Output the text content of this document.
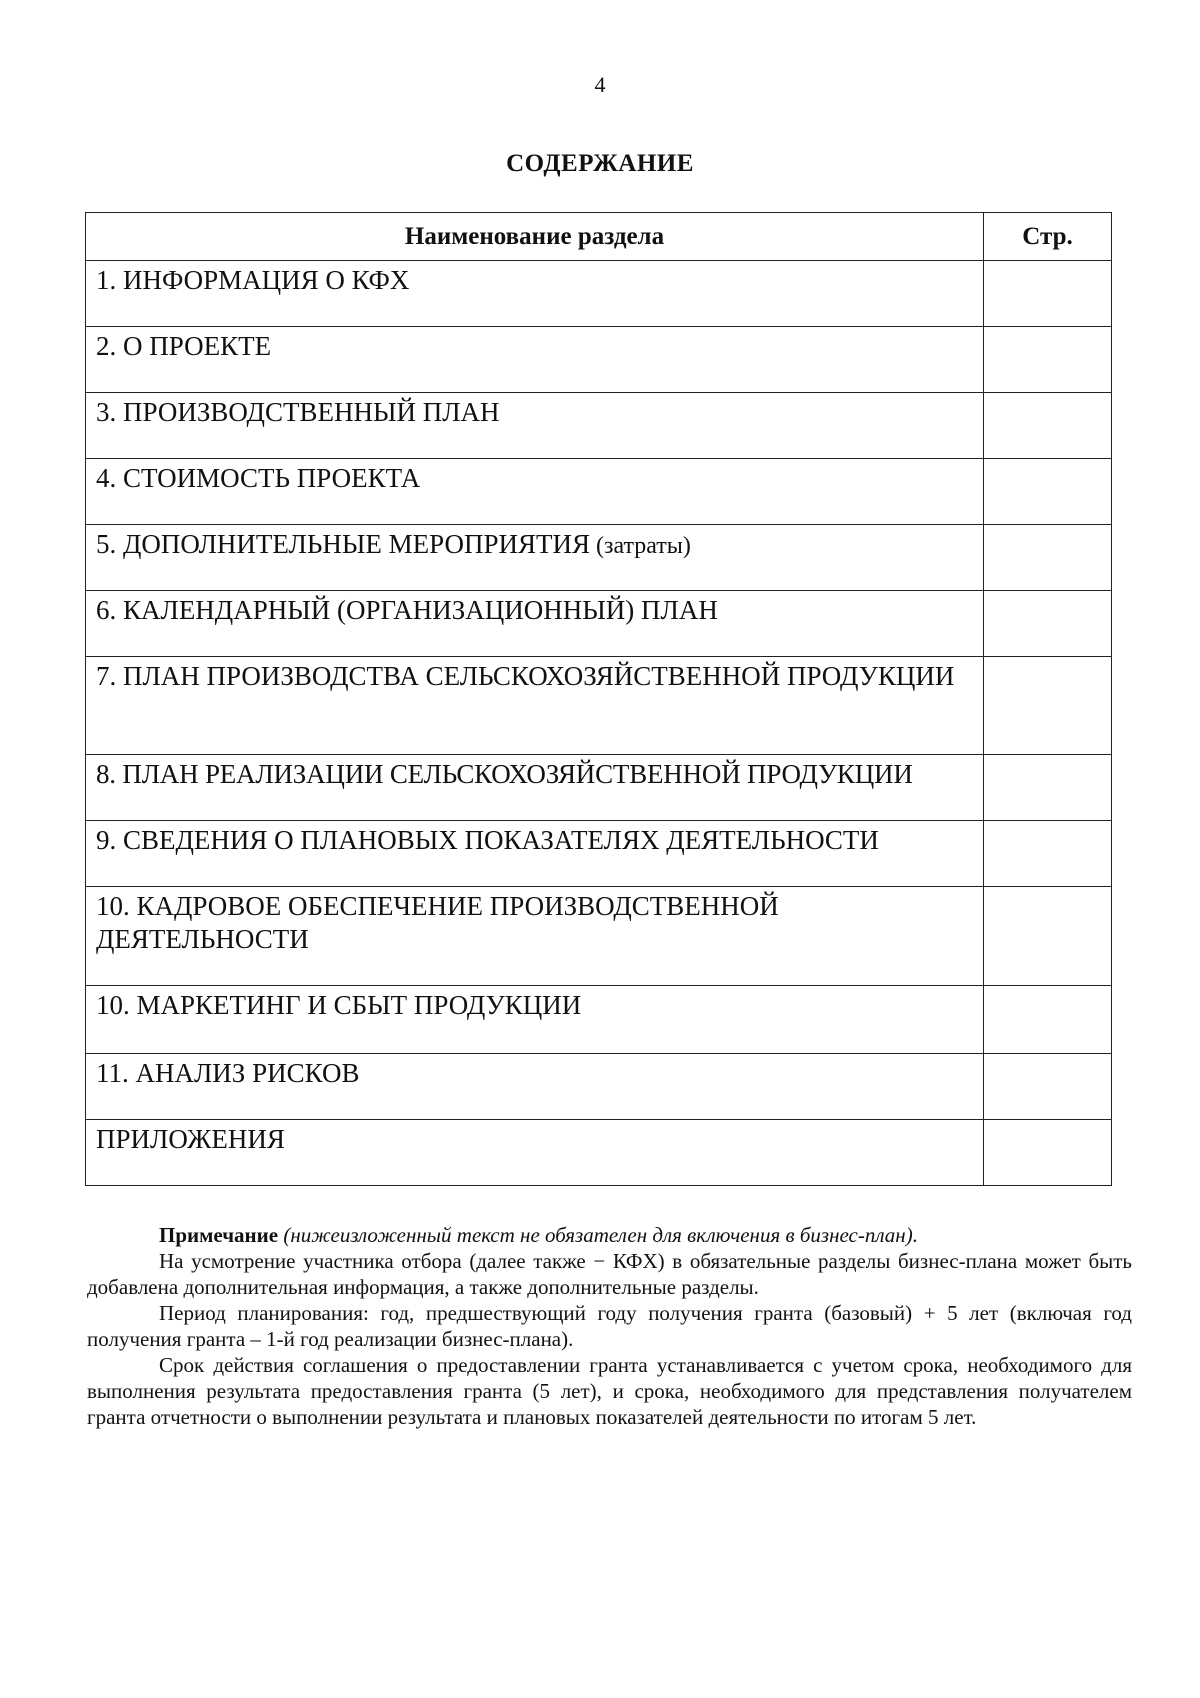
4
СОДЕРЖАНИЕ
Наименование раздела	Стр.
1. ИНФОРМАЦИЯ О КФХ	
2. О ПРОЕКТЕ	
3. ПРОИЗВОДСТВЕННЫЙ ПЛАН	
4. СТОИМОСТЬ ПРОЕКТА	
5. ДОПОЛНИТЕЛЬНЫЕ МЕРОПРИЯТИЯ (затраты)	
6. КАЛЕНДАРНЫЙ (ОРГАНИЗАЦИОННЫЙ) ПЛАН	
7. ПЛАН ПРОИЗВОДСТВА СЕЛЬСКОХОЗЯЙСТВЕННОЙ ПРОДУКЦИИ	
8. ПЛАН РЕАЛИЗАЦИИ СЕЛЬСКОХОЗЯЙСТВЕННОЙ ПРОДУКЦИИ	
9. СВЕДЕНИЯ О ПЛАНОВЫХ ПОКАЗАТЕЛЯХ ДЕЯТЕЛЬНОСТИ	
10. КАДРОВОЕ ОБЕСПЕЧЕНИЕ ПРОИЗВОДСТВЕННОЙ ДЕЯТЕЛЬНОСТИ	
10. МАРКЕТИНГ И СБЫТ ПРОДУКЦИИ	
11. АНАЛИЗ РИСКОВ	
ПРИЛОЖЕНИЯ	

Примечание (нижеизложенный текст не обязателен для включения в бизнес-план).

На усмотрение участника отбора (далее также − КФХ) в обязательные разделы бизнес-плана может быть добавлена дополнительная информация, а также дополнительные разделы.

Период планирования: год, предшествующий году получения гранта (базовый) + 5 лет (включая год получения гранта – 1-й год реализации бизнес-плана).

Срок действия соглашения о предоставлении гранта устанавливается с учетом срока, необходимого для выполнения результата предоставления гранта (5 лет), и срока, необходимого для представления получателем гранта отчетности о выполнении результата и плановых показателей деятельности по итогам 5 лет.
